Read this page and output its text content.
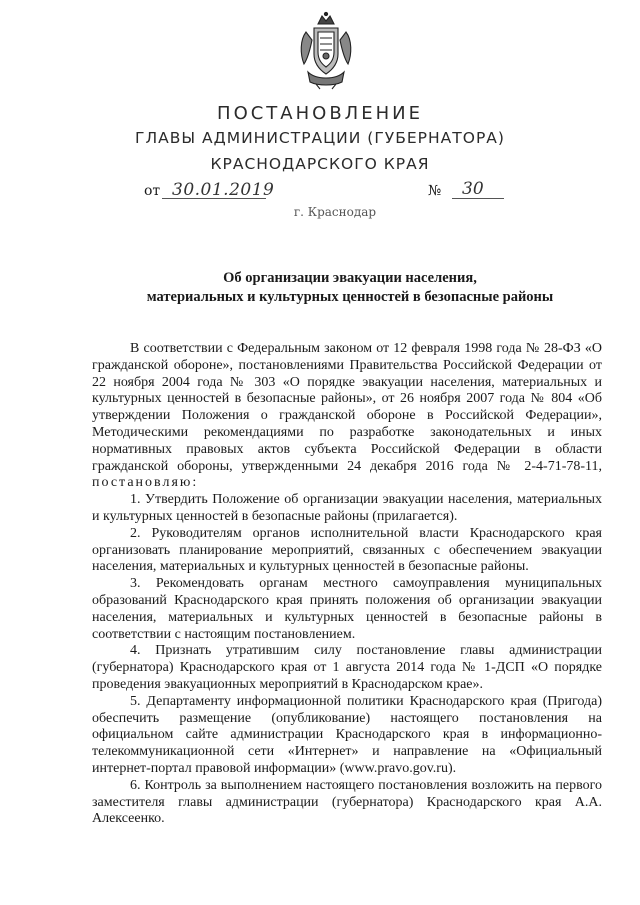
ПОСТАНОВЛЕНИЕ
ГЛАВЫ АДМИНИСТРАЦИИ (ГУБЕРНАТОРА)
КРАСНОДАРСКОГО КРАЯ
от 30.01.2019	№ 30
г. Краснодар
Об организации эвакуации населения,
материальных и культурных ценностей в безопасные районы

В соответствии с Федеральным законом от 12 февраля 1998 года № 28-ФЗ «О гражданской обороне», постановлениями Правительства Российской Федерации от 22 ноября 2004 года № 303 «О порядке эвакуации населения, материальных и культурных ценностей в безопасные районы», от 26 ноября 2007 года № 804 «Об утверждении Положения о гражданской обороне в Российской Федерации», Методическими рекомендациями по разработке законодательных и иных нормативных правовых актов субъекта Российской Федерации в области гражданской обороны, утвержденными 24 декабря 2016 года № 2-4-71-78-11, постановляю:

1. Утвердить Положение об организации эвакуации населения, материальных и культурных ценностей в безопасные районы (прилагается).

2. Руководителям органов исполнительной власти Краснодарского края организовать планирование мероприятий, связанных с обеспечением эвакуации населения, материальных и культурных ценностей в безопасные районы.

3. Рекомендовать органам местного самоуправления муниципальных образований Краснодарского края принять положения об организации эвакуации населения, материальных и культурных ценностей в безопасные районы в соответствии с настоящим постановлением.

4. Признать утратившим силу постановление главы администрации (губернатора) Краснодарского края от 1 августа 2014 года № 1-ДСП «О порядке проведения эвакуационных мероприятий в Краснодарском крае».

5. Департаменту информационной политики Краснодарского края (Пригода) обеспечить размещение (опубликование) настоящего постановления на официальном сайте администрации Краснодарского края в информационно-телекоммуникационной сети «Интернет» и направление на «Официальный интернет-портал правовой информации» (www.pravo.gov.ru).

6. Контроль за выполнением настоящего постановления возложить на первого заместителя главы администрации (губернатора) Краснодарского края А.А. Алексеенко.
